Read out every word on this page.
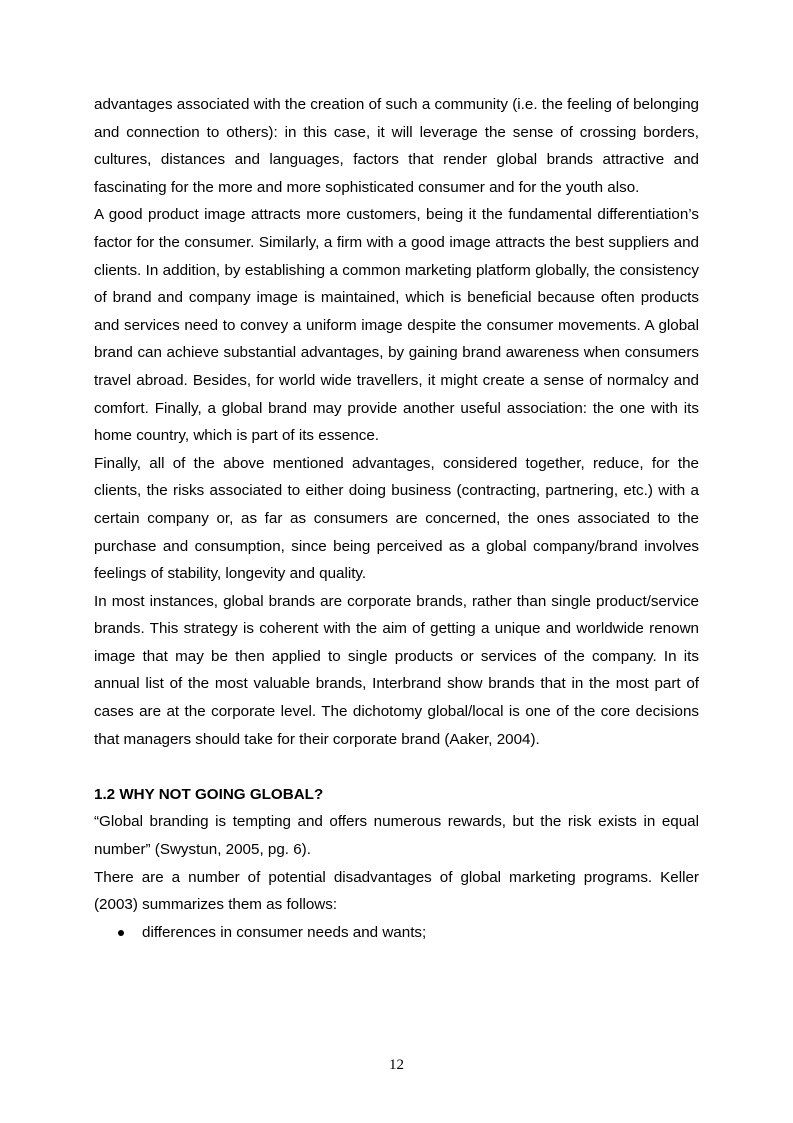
advantages associated with the creation of such a community (i.e. the feeling of belonging and connection to others): in this case, it will leverage the sense of crossing borders, cultures, distances and languages, factors that render global brands attractive and fascinating for the more and more sophisticated consumer and for the youth also.

A good product image attracts more customers, being it the fundamental differentiation’s factor for the consumer. Similarly, a firm with a good image attracts the best suppliers and clients. In addition, by establishing a common marketing platform globally, the consistency of brand and company image is maintained, which is beneficial because often products and services need to convey a uniform image despite the consumer movements. A global brand can achieve substantial advantages, by gaining brand awareness when consumers travel abroad. Besides, for world wide travellers, it might create a sense of normalcy and comfort. Finally, a global brand may provide another useful association: the one with its home country, which is part of its essence.

Finally, all of the above mentioned advantages, considered together, reduce, for the clients, the risks associated to either doing business (contracting, partnering, etc.) with a certain company or, as far as consumers are concerned, the ones associated to the purchase and consumption, since being perceived as a global company/brand involves feelings of stability, longevity and quality.

In most instances, global brands are corporate brands, rather than single product/service brands. This strategy is coherent with the aim of getting a unique and worldwide renown image that may be then applied to single products or services of the company. In its annual list of the most valuable brands, Interbrand show brands that in the most part of cases are at the corporate level. The dichotomy global/local is one of the core decisions that managers should take for their corporate brand (Aaker, 2004).

1.2 WHY NOT GOING GLOBAL?

“Global branding is tempting and offers numerous rewards, but the risk exists in equal number” (Swystun, 2005, pg. 6).

There are a number of potential disadvantages of global marketing programs. Keller (2003) summarizes them as follows:

differences in consumer needs and wants;
12
